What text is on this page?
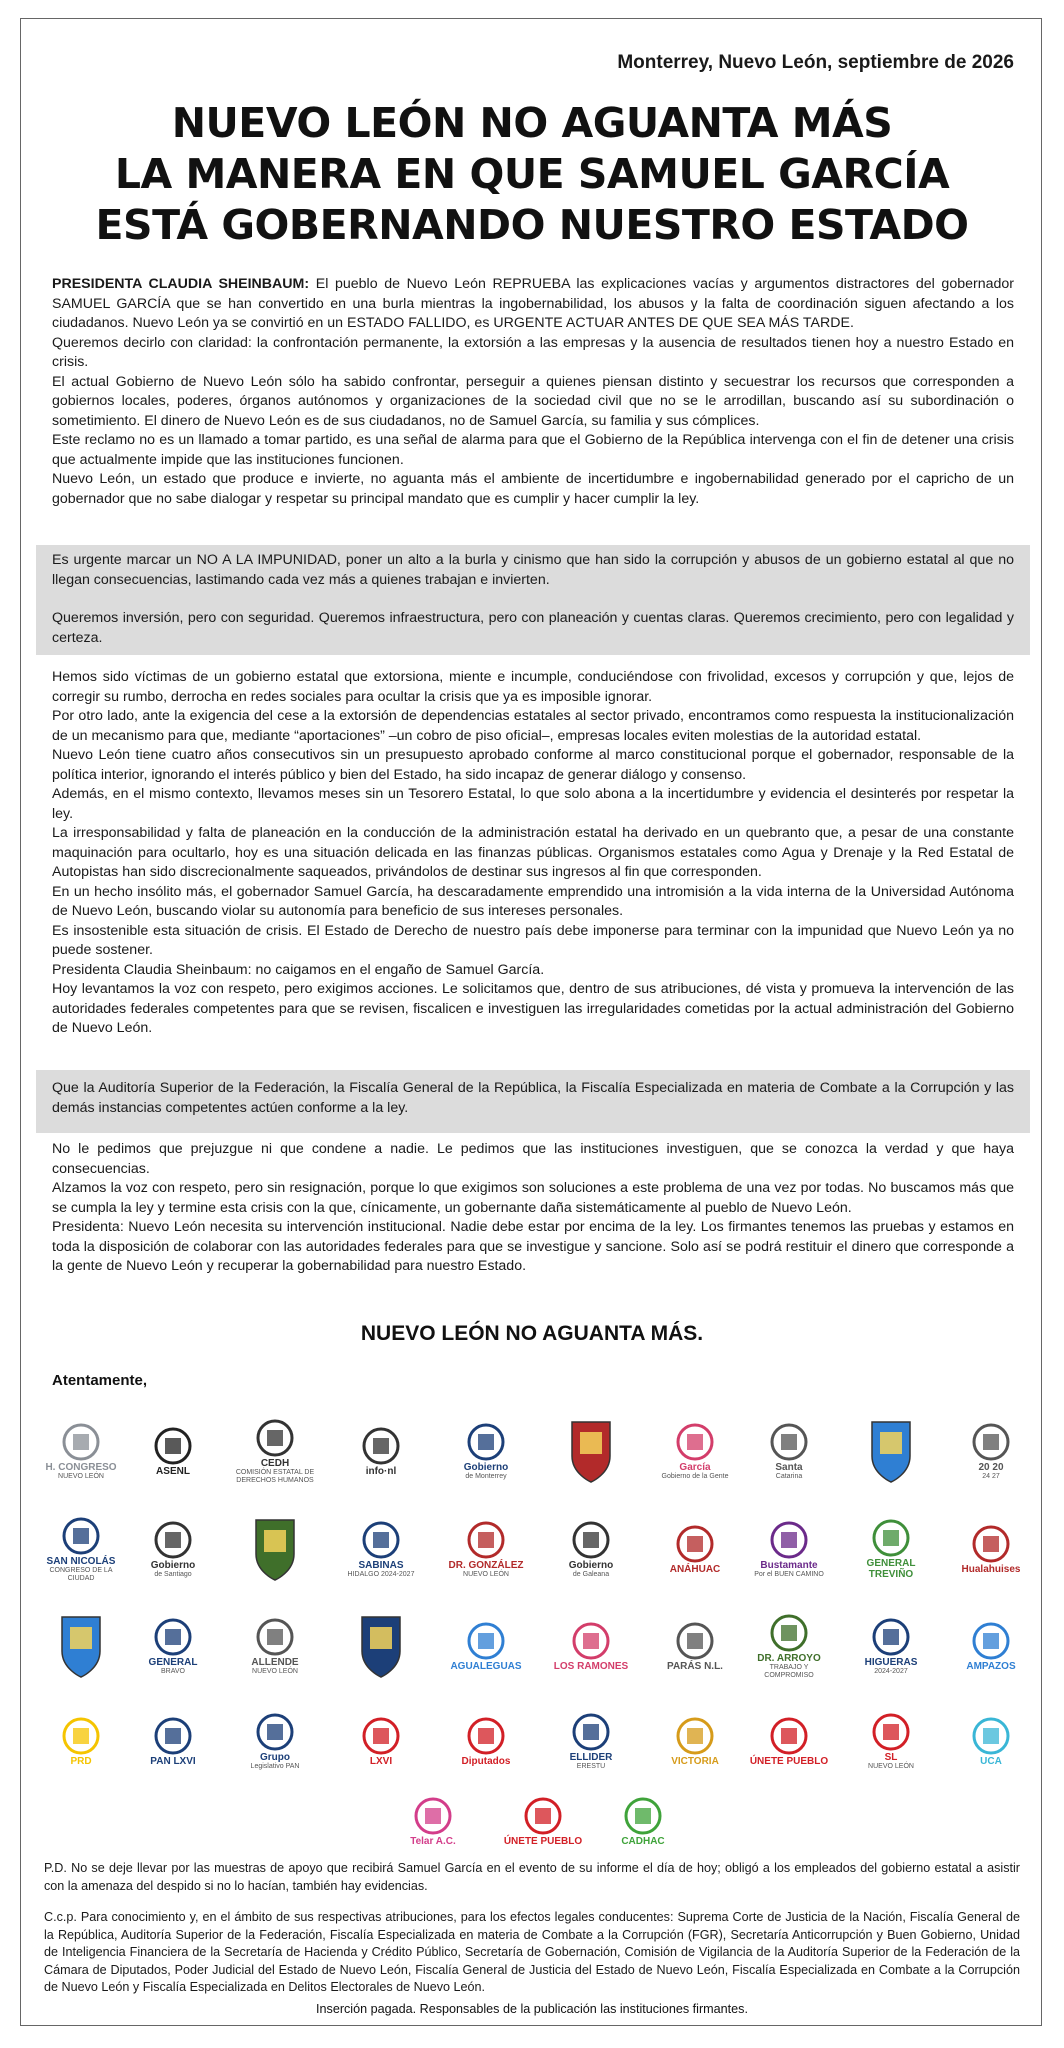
Monterrey, Nuevo León, septiembre de 2026
NUEVO LEÓN NO AGUANTA MÁS
LA MANERA EN QUE SAMUEL GARCÍA
ESTÁ GOBERNANDO NUESTRO ESTADO

PRESIDENTA CLAUDIA SHEINBAUM: El pueblo de Nuevo León REPRUEBA las explicaciones vacías y argumentos distractores del gobernador SAMUEL GARCÍA que se han convertido en una burla mientras la ingobernabilidad, los abusos y la falta de coordinación siguen afectando a los ciudadanos. Nuevo León ya se convirtió en un ESTADO FALLIDO, es URGENTE ACTUAR ANTES DE QUE SEA MÁS TARDE.

Queremos decirlo con claridad: la confrontación permanente, la extorsión a las empresas y la ausencia de resultados tienen hoy a nuestro Estado en crisis.

El actual Gobierno de Nuevo León sólo ha sabido confrontar, perseguir a quienes piensan distinto y secuestrar los recursos que corresponden a gobiernos locales, poderes, órganos autónomos y organizaciones de la sociedad civil que no se le arrodillan, buscando así su subordinación o sometimiento. El dinero de Nuevo León es de sus ciudadanos, no de Samuel García, su familia y sus cómplices.

Este reclamo no es un llamado a tomar partido, es una señal de alarma para que el Gobierno de la República intervenga con el fin de detener una crisis que actualmente impide que las instituciones funcionen.

Nuevo León, un estado que produce e invierte, no aguanta más el ambiente de incertidumbre e ingobernabilidad generado por el capricho de un gobernador que no sabe dialogar y respetar su principal mandato que es cumplir y hacer cumplir la ley.

Es urgente marcar un NO A LA IMPUNIDAD, poner un alto a la burla y cinismo que han sido la corrupción y abusos de un gobierno estatal al que no llegan consecuencias, lastimando cada vez más a quienes trabajan e invierten.

Queremos inversión, pero con seguridad. Queremos infraestructura, pero con planeación y cuentas claras. Queremos crecimiento, pero con legalidad y certeza.

Hemos sido víctimas de un gobierno estatal que extorsiona, miente e incumple, conduciéndose con frivolidad, excesos y corrupción y que, lejos de corregir su rumbo, derrocha en redes sociales para ocultar la crisis que ya es imposible ignorar.

Por otro lado, ante la exigencia del cese a la extorsión de dependencias estatales al sector privado, encontramos como respuesta la institucionalización de un mecanismo para que, mediante “aportaciones” –un cobro de piso oficial–, empresas locales eviten molestias de la autoridad estatal.

Nuevo León tiene cuatro años consecutivos sin un presupuesto aprobado conforme al marco constitucional porque el gobernador, responsable de la política interior, ignorando el interés público y bien del Estado, ha sido incapaz de generar diálogo y consenso.

Además, en el mismo contexto, llevamos meses sin un Tesorero Estatal, lo que solo abona a la incertidumbre y evidencia el desinterés por respetar la ley.

La irresponsabilidad y falta de planeación en la conducción de la administración estatal ha derivado en un quebranto que, a pesar de una constante maquinación para ocultarlo, hoy es una situación delicada en las finanzas públicas. Organismos estatales como Agua y Drenaje y la Red Estatal de Autopistas han sido discrecionalmente saqueados, privándolos de destinar sus ingresos al fin que corresponden.

En un hecho insólito más, el gobernador Samuel García, ha descaradamente emprendido una intromisión a la vida interna de la Universidad Autónoma de Nuevo León, buscando violar su autonomía para beneficio de sus intereses personales.

Es insostenible esta situación de crisis. El Estado de Derecho de nuestro país debe imponerse para terminar con la impunidad que Nuevo León ya no puede sostener.

Presidenta Claudia Sheinbaum: no caigamos en el engaño de Samuel García.

Hoy levantamos la voz con respeto, pero exigimos acciones. Le solicitamos que, dentro de sus atribuciones, dé vista y promueva la intervención de las autoridades federales competentes para que se revisen, fiscalicen e investiguen las irregularidades cometidas por la actual administración del Gobierno de Nuevo León.

Que la Auditoría Superior de la Federación, la Fiscalía General de la República, la Fiscalía Especializada en materia de Combate a la Corrupción y las demás instancias competentes actúen conforme a la ley.

No le pedimos que prejuzgue ni que condene a nadie. Le pedimos que las instituciones investiguen, que se conozca la verdad y que haya consecuencias.

Alzamos la voz con respeto, pero sin resignación, porque lo que exigimos son soluciones a este problema de una vez por todas. No buscamos más que se cumpla la ley y termine esta crisis con la que, cínicamente, un gobernante daña sistemáticamente al pueblo de Nuevo León.

Presidenta: Nuevo León necesita su intervención institucional. Nadie debe estar por encima de la ley. Los firmantes tenemos las pruebas y estamos en toda la disposición de colaborar con las autoridades federales para que se investigue y sancione. Solo así se podrá restituir el dinero que corresponde a la gente de Nuevo León y recuperar la gobernabilidad para nuestro Estado.

NUEVO LEÓN NO AGUANTA MÁS.
Atentamente,
H. CONGRESO
NUEVO LEÓN	ASENL
CEDH
COMISIÓN ESTATAL DE DERECHOS HUMANOS
info·nl	Gobierno
de Monterrey
García
Gobierno de la Gente
Santa
Catarina
20 20
24 27
SAN NICOLÁS
CONGRESO DE LA CIUDAD
Gobierno
de Santiago
SABINAS
HIDALGO 2024-2027
DR. GONZÁLEZ
NUEVO LEÓN
Gobierno
de Galeana	ANÁHUAC	Bustamante
Por el BUEN CAMINO
GENERAL TREVIÑO	Hualahuises
GENERAL
BRAVO
ALLENDE
NUEVO LEÓN	AGUALEGUAS	LOS RAMONES	PARÁS N.L.
DR. ARROYO
TRABAJO Y COMPROMISO
HIGUERAS
2024-2027	AMPAZOS
PRD	PAN LXVI	Grupo
Legislativo PAN	LXVI	Diputados	ELLIDER
ERESTU	VICTORIA	ÚNETE PUEBLO	SL
NUEVO LEÓN	UCA
Telar A.C.	ÚNETE PUEBLO	CADHAC

P.D. No se deje llevar por las muestras de apoyo que recibirá Samuel García en el evento de su informe el día de hoy; obligó a los empleados del gobierno estatal a asistir con la amenaza del despido si no lo hacían, también hay evidencias.

C.c.p. Para conocimiento y, en el ámbito de sus respectivas atribuciones, para los efectos legales conducentes: Suprema Corte de Justicia de la Nación, Fiscalía General de la República, Auditoría Superior de la Federación, Fiscalía Especializada en materia de Combate a la Corrupción (FGR), Secretaría Anticorrupción y Buen Gobierno, Unidad de Inteligencia Financiera de la Secretaría de Hacienda y Crédito Público, Secretaría de Gobernación, Comisión de Vigilancia de la Auditoría Superior de la Federación de la Cámara de Diputados, Poder Judicial del Estado de Nuevo León, Fiscalía General de Justicia del Estado de Nuevo León, Fiscalía Especializada en Combate a la Corrupción de Nuevo León y Fiscalía Especializada en Delitos Electorales de Nuevo León.

Inserción pagada. Responsables de la publicación las instituciones firmantes.
